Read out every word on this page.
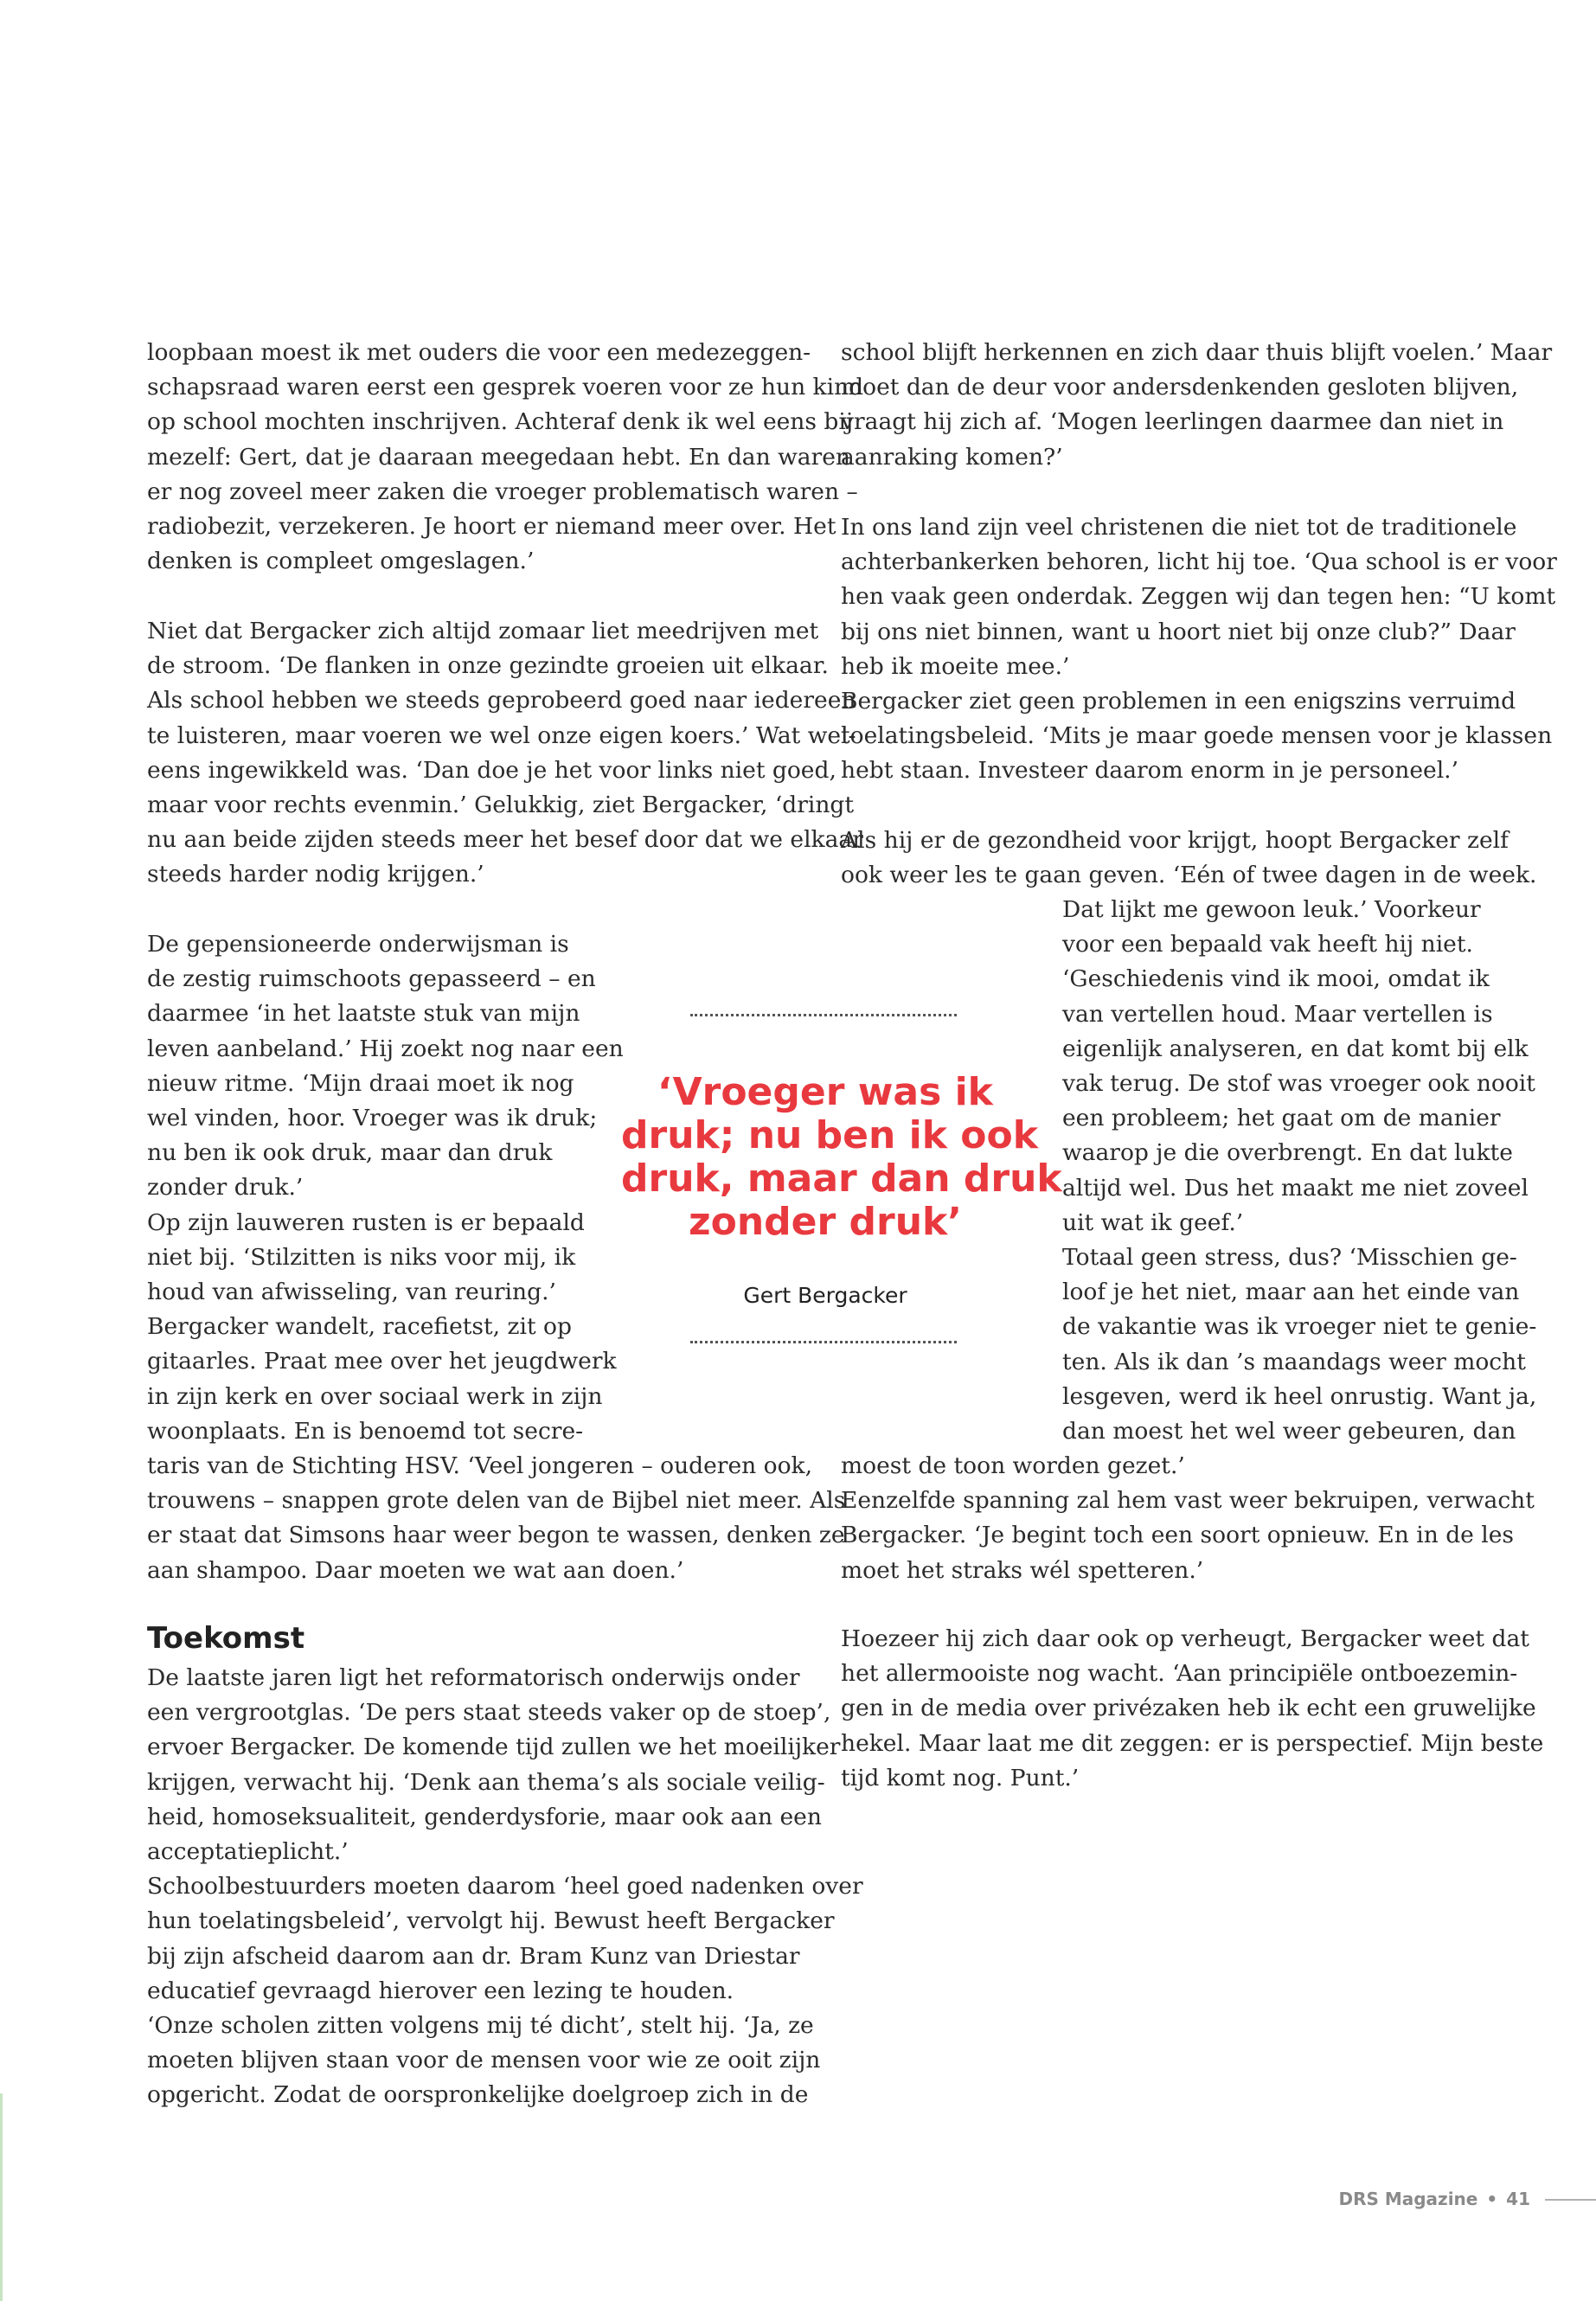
loopbaan moest ik met ouders die voor een medezeggen-
schapsraad waren eerst een gesprek voeren voor ze hun kind
op school mochten inschrijven. Achteraf denk ik wel eens bij
mezelf: Gert, dat je daaraan meegedaan hebt. En dan waren
er nog zoveel meer zaken die vroeger problematisch waren –
radiobezit, verzekeren. Je hoort er niemand meer over. Het
denken is compleet omgeslagen.’

Niet dat Bergacker zich altijd zomaar liet meedrijven met
de stroom. ‘De flanken in onze gezindte groeien uit elkaar.
Als school hebben we steeds geprobeerd goed naar iedereen
te luisteren, maar voeren we wel onze eigen koers.’ Wat wel-
eens ingewikkeld was. ‘Dan doe je het voor links niet goed,
maar voor rechts evenmin.’ Gelukkig, ziet Bergacker, ‘dringt
nu aan beide zijden steeds meer het besef door dat we elkaar
steeds harder nodig krijgen.’

De gepensioneerde onderwijsman is
de zestig ruimschoots gepasseerd – en
daarmee ‘in het laatste stuk van mijn
leven aanbeland.’ Hij zoekt nog naar een
nieuw ritme. ‘Mijn draai moet ik nog
wel vinden, hoor. Vroeger was ik druk;
nu ben ik ook druk, maar dan druk
zonder druk.’
Op zijn lauweren rusten is er bepaald
niet bij. ‘Stilzitten is niks voor mij, ik
houd van afwisseling, van reuring.’
Bergacker wandelt, racefietst, zit op
gitaarles. Praat mee over het jeugdwerk
in zijn kerk en over sociaal werk in zijn
woonplaats. En is benoemd tot secre-

taris van de Stichting HSV. ‘Veel jongeren – ouderen ook,
trouwens – snappen grote delen van de Bijbel niet meer. Als
er staat dat Simsons haar weer begon te wassen, denken ze
aan shampoo. Daar moeten we wat aan doen.’

Toekomst

De laatste jaren ligt het reformatorisch onderwijs onder
een vergrootglas. ‘De pers staat steeds vaker op de stoep’,
ervoer Bergacker. De komende tijd zullen we het moeilijker
krijgen, verwacht hij. ‘Denk aan thema’s als sociale veilig-
heid, homoseksualiteit, genderdysforie, maar ook aan een
acceptatieplicht.’
Schoolbestuurders moeten daarom ‘heel goed nadenken over
hun toelatingsbeleid’, vervolgt hij. Bewust heeft Bergacker
bij zijn afscheid daarom aan dr. Bram Kunz van Driestar
educatief gevraagd hierover een lezing te houden.
‘Onze scholen zitten volgens mij té dicht’, stelt hij. ‘Ja, ze
moeten blijven staan voor de mensen voor wie ze ooit zijn
opgericht. Zodat de oorspronkelijke doelgroep zich in de

school blijft herkennen en zich daar thuis blijft voelen.’ Maar
moet dan de deur voor andersdenkenden gesloten blijven,
vraagt hij zich af. ‘Mogen leerlingen daarmee dan niet in
aanraking komen?’

In ons land zijn veel christenen die niet tot de traditionele
achterbankerken behoren, licht hij toe. ‘Qua school is er voor
hen vaak geen onderdak. Zeggen wij dan tegen hen: “U komt
bij ons niet binnen, want u hoort niet bij onze club?” Daar
heb ik moeite mee.’
Bergacker ziet geen problemen in een enigszins verruimd
toelatingsbeleid. ‘Mits je maar goede mensen voor je klassen
hebt staan. Investeer daarom enorm in je personeel.’

Als hij er de gezondheid voor krijgt, hoopt Bergacker zelf
ook weer les te gaan geven. ‘Eén of twee dagen in de week.

Dat lijkt me gewoon leuk.’ Voorkeur
voor een bepaald vak heeft hij niet.
‘Geschiedenis vind ik mooi, omdat ik
van vertellen houd. Maar vertellen is
eigenlijk analyseren, en dat komt bij elk
vak terug. De stof was vroeger ook nooit
een probleem; het gaat om de manier
waarop je die overbrengt. En dat lukte
altijd wel. Dus het maakt me niet zoveel
uit wat ik geef.’
Totaal geen stress, dus? ‘Misschien ge-
loof je het niet, maar aan het einde van
de vakantie was ik vroeger niet te geniе-
ten. Als ik dan ’s maandags weer mocht
lesgeven, werd ik heel onrustig. Want ja,
dan moest het wel weer gebeuren, dan

moest de toon worden gezet.’
Eenzelfde spanning zal hem vast weer bekruipen, verwacht
Bergacker. ‘Je begint toch een soort opnieuw. En in de les
moet het straks wél spetteren.’

Hoezeer hij zich daar ook op verheugt, Bergacker weet dat
het allermooiste nog wacht. ‘Aan principiële ontboezemin-
gen in de media over privézaken heb ik echt een gruwelijke
hekel. Maar laat me dit zeggen: er is perspectief. Mijn beste
tijd komt nog. Punt.’

‘Vroeger was ik
druk; nu ben ik ook
druk, maar dan druk
zonder druk’

Gert Bergacker

DRS Magazine • 41
